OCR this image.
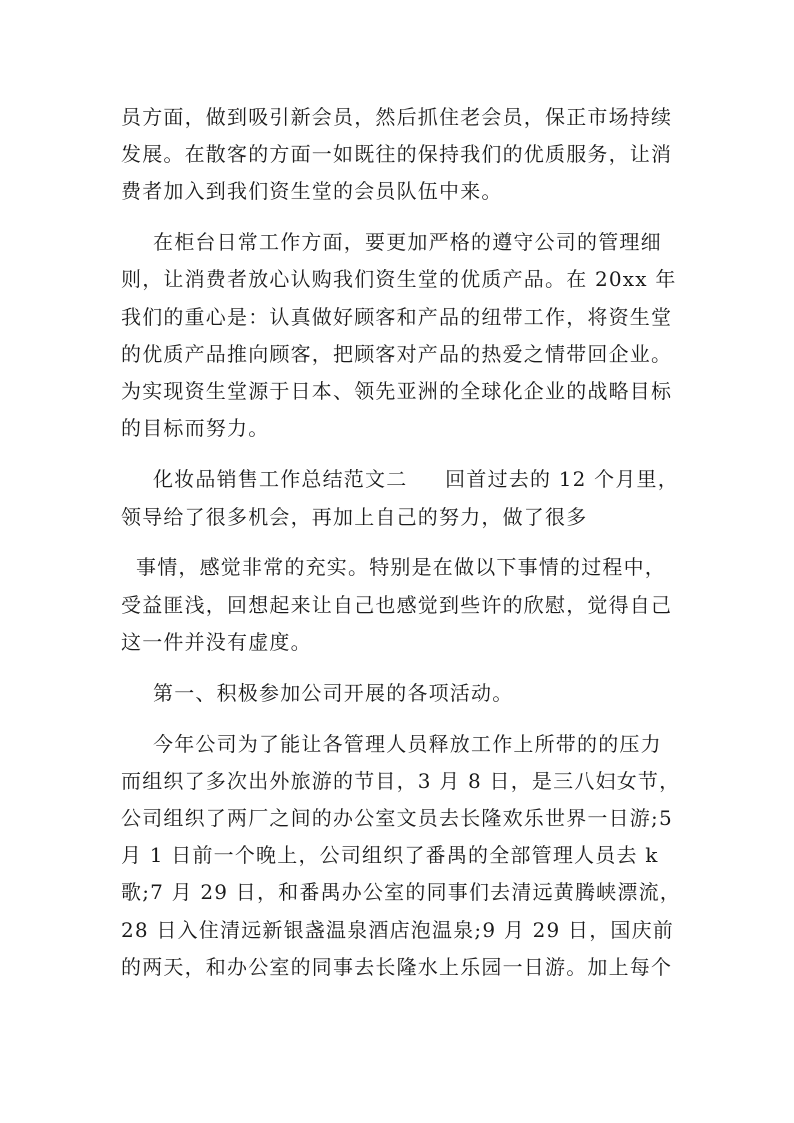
员方面，做到吸引新会员，然后抓住老会员，保正市场持续
发展。在散客的方面一如既往的保持我们的优质服务，让消
费者加入到我们资生堂的会员队伍中来。
在柜台日常工作方面，要更加严格的遵守公司的管理细
则，让消费者放心认购我们资生堂的优质产品。在 20xx 年
我们的重心是：认真做好顾客和产品的纽带工作，将资生堂
的优质产品推向顾客，把顾客对产品的热爱之情带回企业。
为实现资生堂源于日本、领先亚洲的全球化企业的战略目标
的目标而努力。
化妆品销售工作总结范文二     回首过去的 12 个月里，
领导给了很多机会，再加上自己的努力，做了很多
事情，感觉非常的充实。特别是在做以下事情的过程中，
受益匪浅，回想起来让自己也感觉到些许的欣慰，觉得自己
这一件并没有虚度。
第一、积极参加公司开展的各项活动。
今年公司为了能让各管理人员释放工作上所带的的压力
而组织了多次出外旅游的节目，3 月 8 日，是三八妇女节，
公司组织了两厂之间的办公室文员去长隆欢乐世界一日游;5
月 1 日前一个晚上，公司组织了番禺的全部管理人员去 k
歌;7 月 29 日，和番禺办公室的同事们去清远黄腾峡漂流，
28 日入住清远新银盏温泉酒店泡温泉;9 月 29 日，国庆前
的两天，和办公室的同事去长隆水上乐园一日游。加上每个
